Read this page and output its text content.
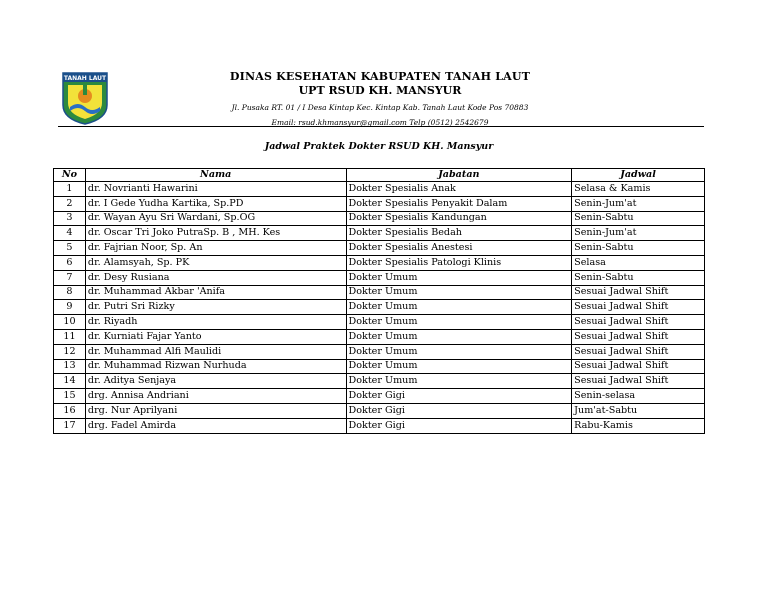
TANAH LAUT	DINAS KESEHATAN KABUPATEN TANAH LAUT
UPT RSUD KH. MANSYUR
Jl. Pusaka RT. 01 / I Desa Kintap Kec. Kintap Kab. Tanah Laut Kode Pos 70883
Email: rsud.khmansyur@gmail.com Telp (0512) 2542679
Jadwal Praktek Dokter RSUD KH. Mansyur
No	Nama	Jabatan	Jadwal
1	dr. Novrianti Hawarini	Dokter Spesialis Anak	Selasa & Kamis
2	dr. I Gede Yudha Kartika, Sp.PD	Dokter Spesialis Penyakit Dalam	Senin-Jum'at
3	dr. Wayan Ayu Sri Wardani, Sp.OG	Dokter Spesialis Kandungan	Senin-Sabtu
4	dr. Oscar Tri Joko PutraSp. B , MH. Kes	Dokter Spesialis Bedah	Senin-Jum'at
5	dr. Fajrian Noor, Sp. An	Dokter Spesialis Anestesi	Senin-Sabtu
6	dr. Alamsyah, Sp. PK	Dokter Spesialis Patologi Klinis	Selasa
7	dr. Desy Rusiana	Dokter Umum	Senin-Sabtu
8	dr. Muhammad Akbar 'Anifa	Dokter Umum	Sesuai Jadwal Shift
9	dr. Putri Sri Rizky	Dokter Umum	Sesuai Jadwal Shift
10	dr. Riyadh	Dokter Umum	Sesuai Jadwal Shift
11	dr. Kurniati Fajar Yanto	Dokter Umum	Sesuai Jadwal Shift
12	dr. Muhammad Alfi Maulidi	Dokter Umum	Sesuai Jadwal Shift
13	dr. Muhammad Rizwan Nurhuda	Dokter Umum	Sesuai Jadwal Shift
14	dr. Aditya Senjaya	Dokter Umum	Sesuai Jadwal Shift
15	drg. Annisa Andriani	Dokter Gigi	Senin-selasa
16	drg. Nur Aprilyani	Dokter Gigi	Jum'at-Sabtu
17	drg. Fadel Amirda	Dokter Gigi	Rabu-Kamis
